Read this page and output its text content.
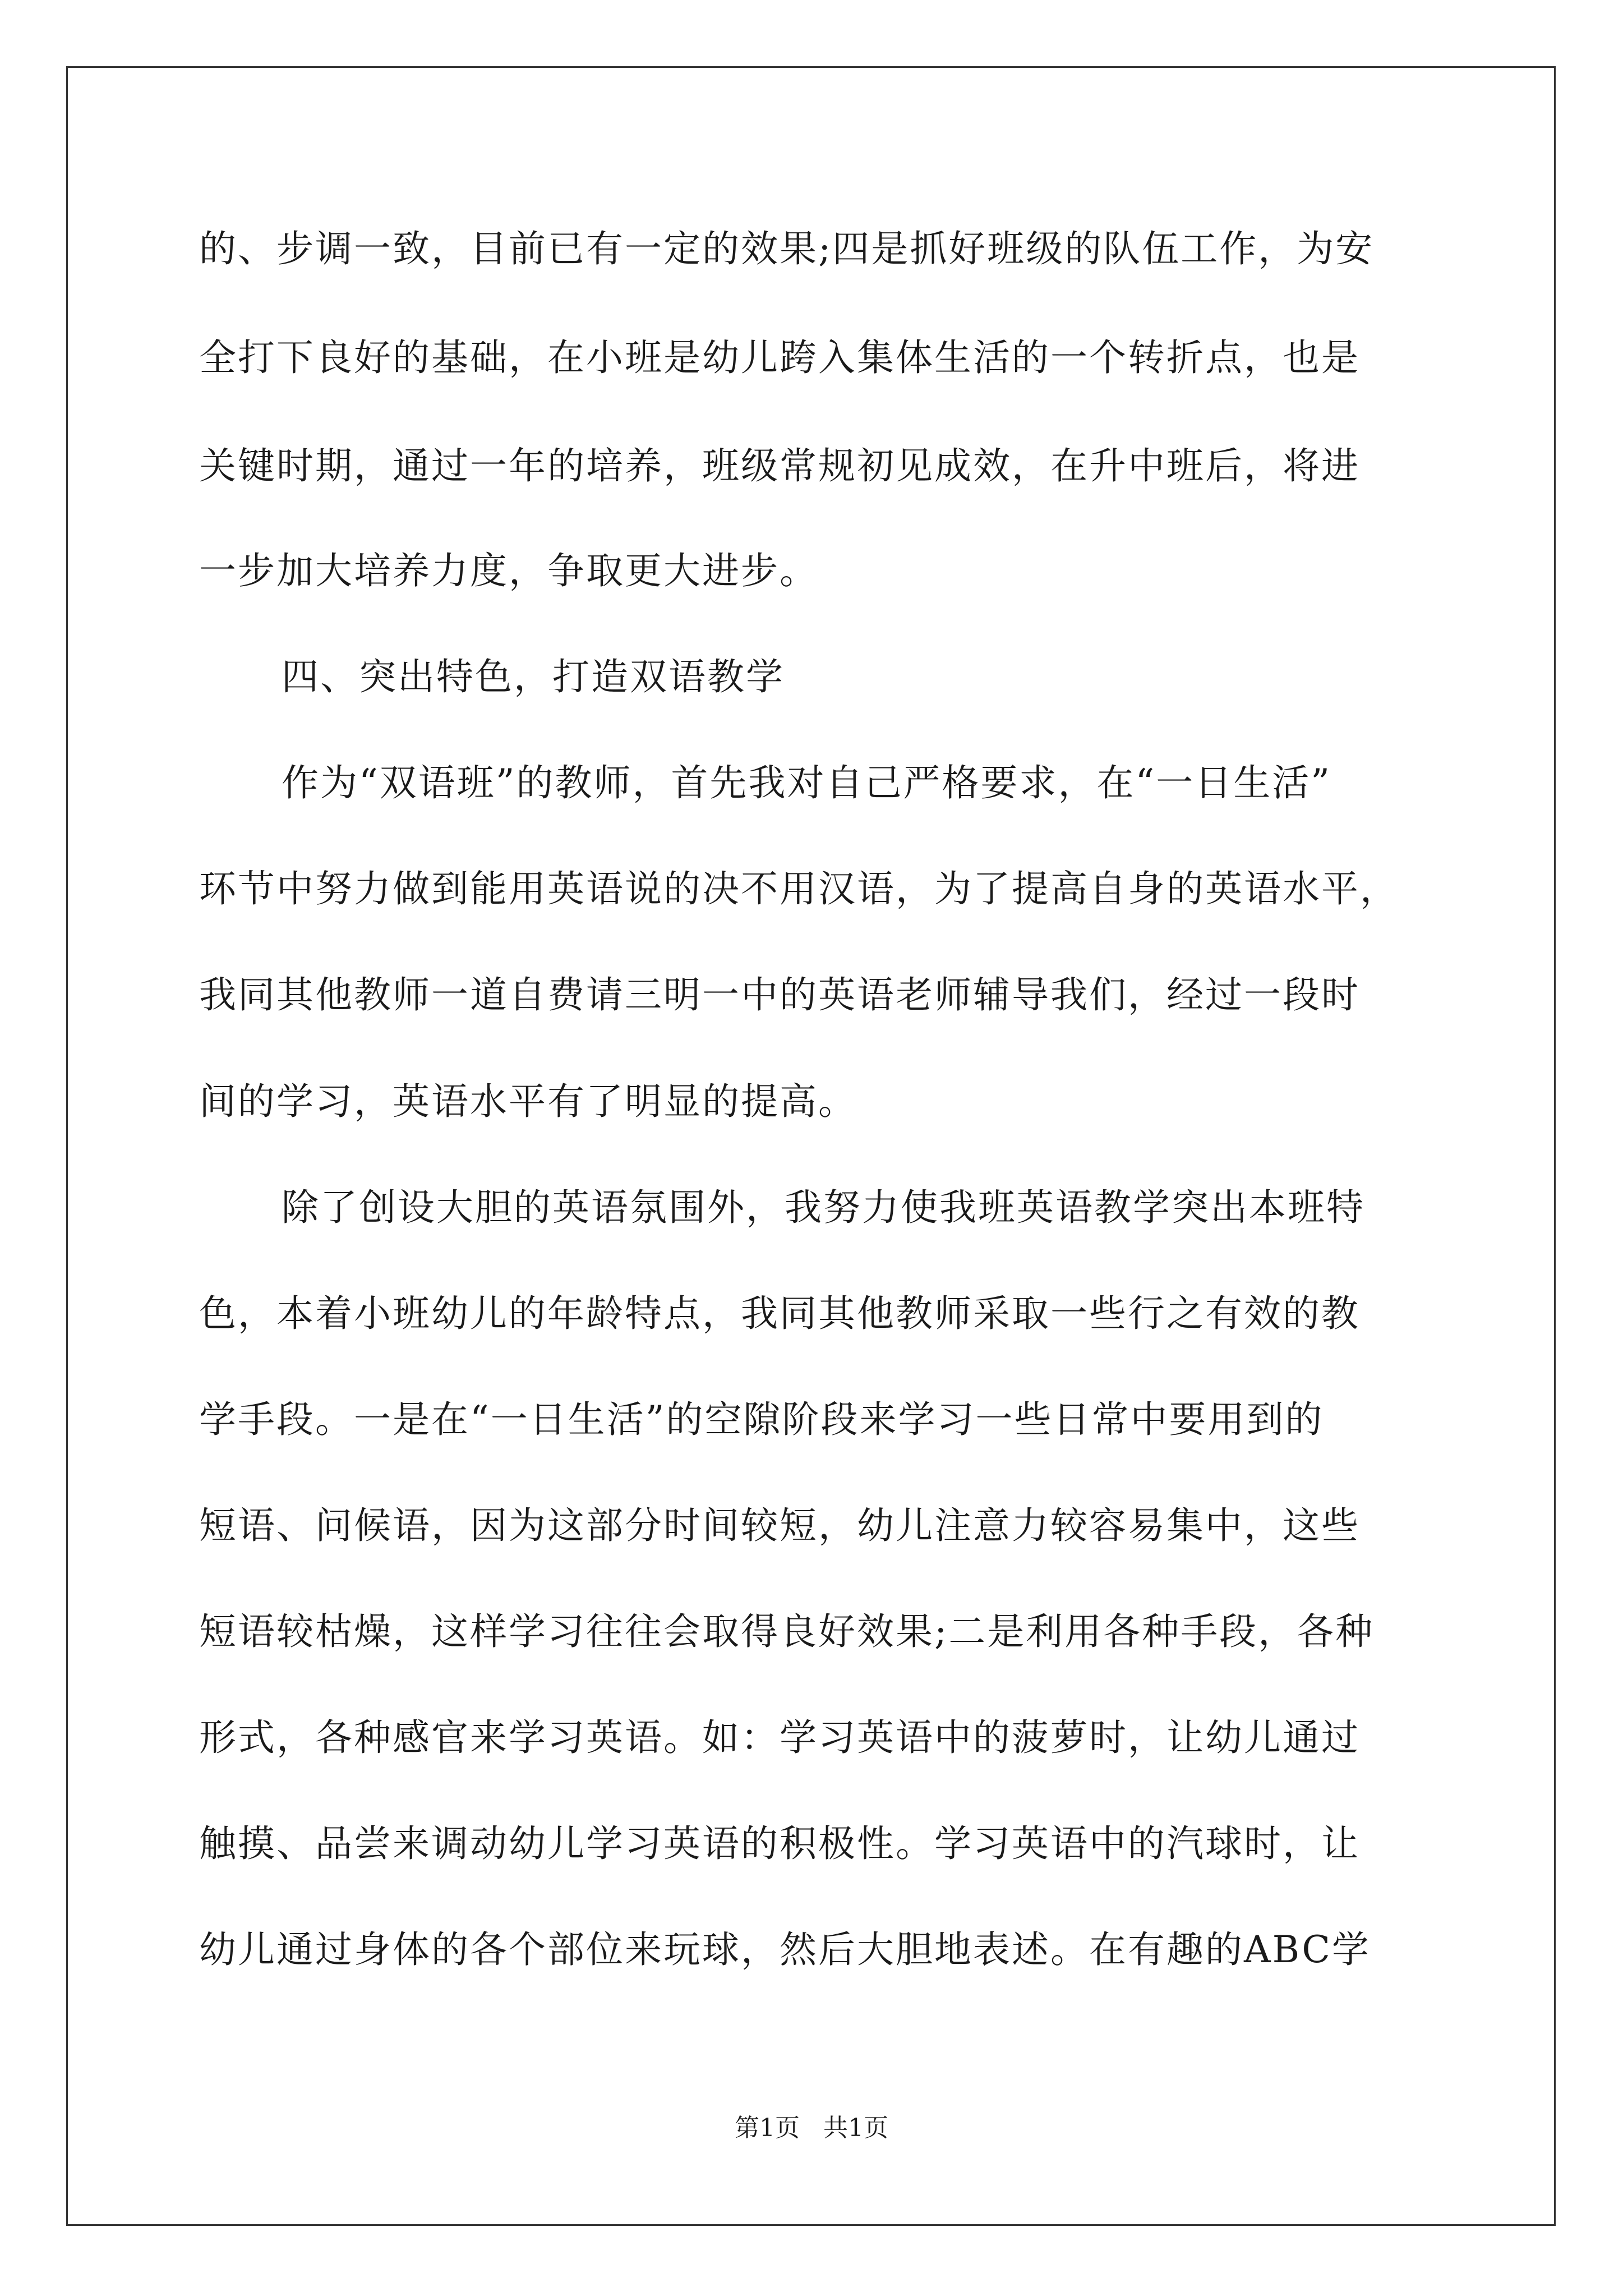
的、步调一致，目前已有一定的效果;四是抓好班级的队伍工作，为安
全打下良好的基础，在小班是幼儿跨入集体生活的一个转折点，也是
关键时期，通过一年的培养，班级常规初见成效，在升中班后，将进
一步加大培养力度，争取更大进步。
四、突出特色，打造双语教学
作为“双语班”的教师，首先我对自己严格要求，在“一日生活”
环节中努力做到能用英语说的决不用汉语，为了提高自身的英语水平，
我同其他教师一道自费请三明一中的英语老师辅导我们，经过一段时
间的学习，英语水平有了明显的提高。
除了创设大胆的英语氛围外，我努力使我班英语教学突出本班特
色，本着小班幼儿的年龄特点，我同其他教师采取一些行之有效的教
学手段。一是在“一日生活”的空隙阶段来学习一些日常中要用到的
短语、问候语，因为这部分时间较短，幼儿注意力较容易集中，这些
短语较枯燥，这样学习往往会取得良好效果;二是利用各种手段，各种
形式，各种感官来学习英语。如：学习英语中的菠萝时，让幼儿通过
触摸、品尝来调动幼儿学习英语的积极性。学习英语中的汽球时，让
幼儿通过身体的各个部位来玩球，然后大胆地表述。在有趣的ABC学
第1页   共1页
